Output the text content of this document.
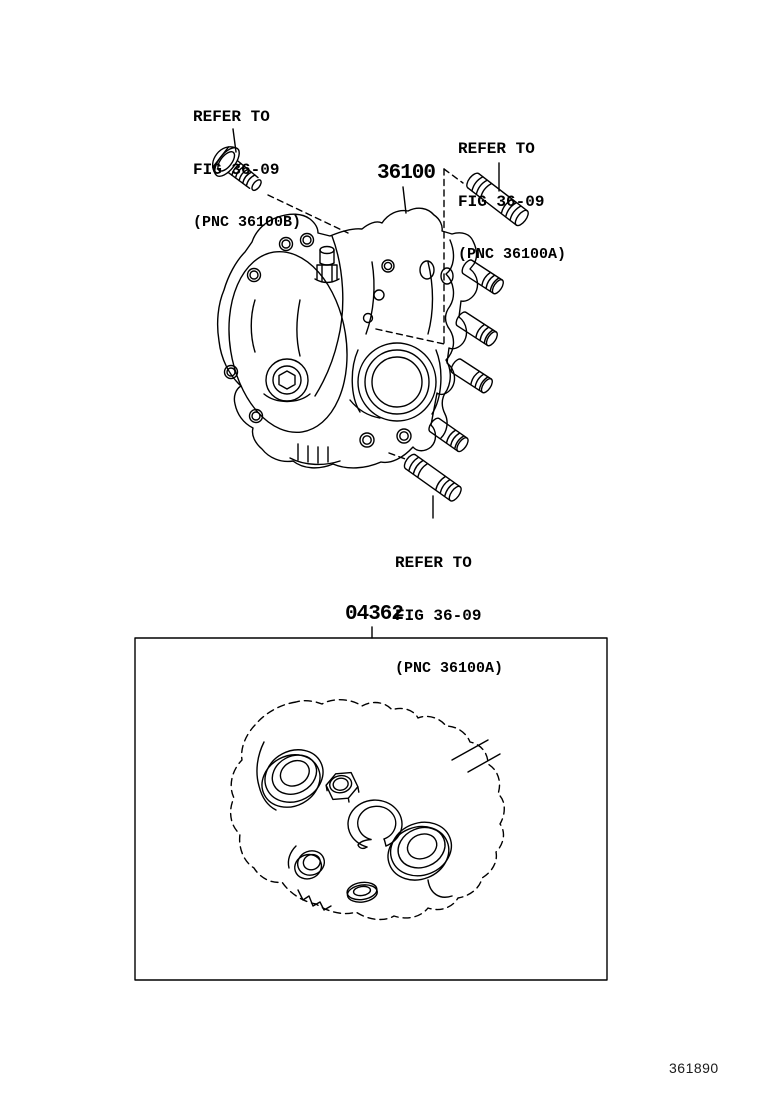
REFER TO

FIG 36-09

(PNC 36100B)

REFER TO

FIG 36-09

(PNC 36100A)

REFER TO

FIG 36-09

(PNC 36100A)

36100
04362
361890
